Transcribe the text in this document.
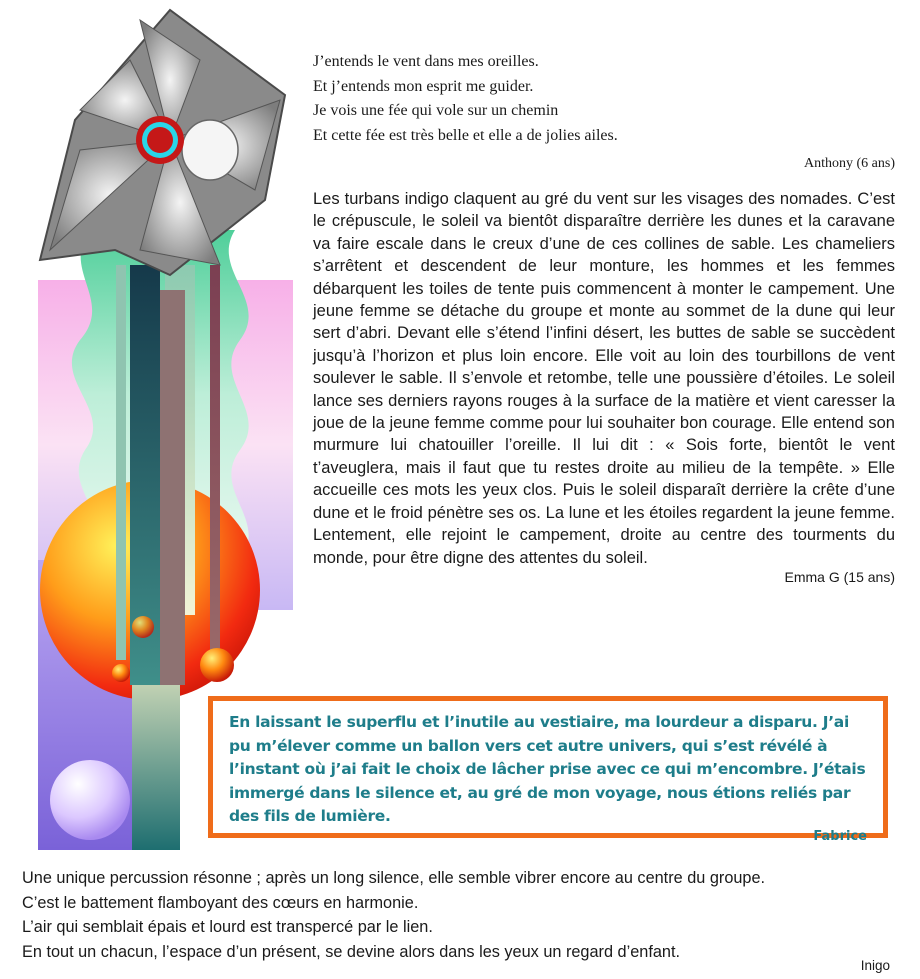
J’entends le vent dans mes oreilles.
Et j’entends mon esprit me guider.
Je vois une fée qui vole sur un chemin
Et cette fée est très belle et elle a de jolies ailes.
Anthony (6 ans)
Les turbans indigo claquent au gré du vent sur les visages des nomades. C’est le crépuscule, le soleil va bientôt disparaître derrière les dunes et la caravane va faire escale dans le creux d’une de ces collines de sable. Les chameliers s’arrêtent et descendent de leur monture, les hommes et les femmes débarquent les toiles de tente puis commencent à monter le campement. Une jeune femme se détache du groupe et monte au sommet de la dune qui leur sert d’abri. Devant elle s’étend l’infini désert, les buttes de sable se succèdent jusqu’à l’horizon et plus loin encore. Elle voit au loin des tourbillons de vent soulever le sable. Il s’envole et retombe, telle une poussière d’étoiles. Le soleil lance ses derniers rayons rouges à la surface de la matière et vient caresser la joue de la jeune femme comme pour lui souhaiter bon courage. Elle entend son murmure lui chatouiller l’oreille. Il lui dit : « Sois forte, bientôt le vent t’aveuglera, mais il faut que tu restes droite au milieu de la tempête. » Elle accueille ces mots les yeux clos. Puis le soleil disparaît derrière la crête d’une dune et le froid pénètre ses os. La lune et les étoiles regardent la jeune femme. Lentement, elle rejoint le campement, droite au centre des tourments du monde, pour être digne des attentes du soleil.
Emma G (15 ans)
En laissant le superflu et l’inutile au vestiaire, ma lourdeur a disparu. J’ai pu m’élever comme un ballon vers cet autre univers, qui s’est révélé à l’instant où j’ai fait le choix de lâcher prise avec ce qui m’encombre. J’étais immergé dans le silence et, au gré de mon voyage, nous étions reliés par des fils de lumière.
Fabrice
Une unique percussion résonne ; après un long silence, elle semble vibrer encore au centre du groupe.
C’est le battement flamboyant des cœurs en harmonie.
L’air qui semblait épais et lourd est transpercé par le lien.
En tout un chacun, l’espace d’un présent, se devine alors dans les yeux un regard d’enfant.
Inigo
